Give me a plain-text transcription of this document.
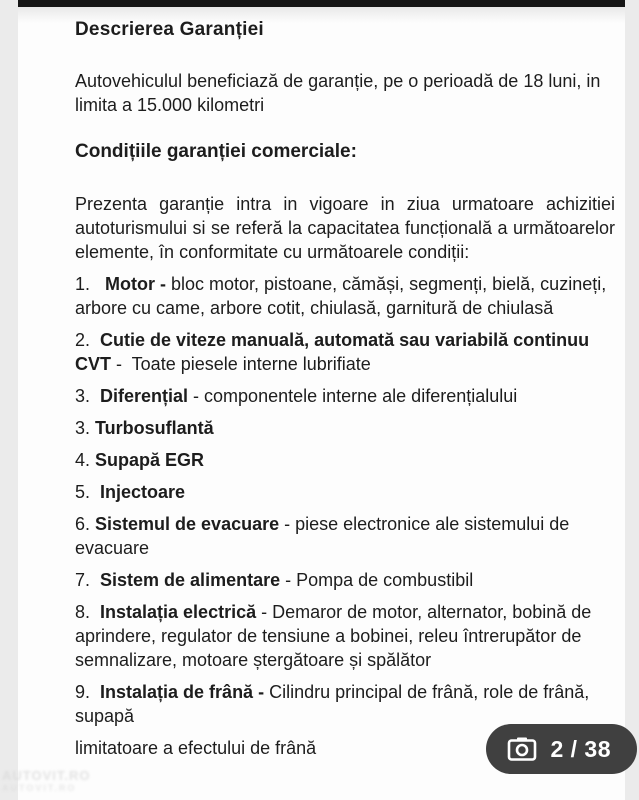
Descrierea Garanției

Autovehiculul beneficiază de garanție, pe o perioadă de 18 luni, in limita a 15.000 kilometri

Condițiile garanției comerciale:

Prezenta garanție intra in vigoare in ziua urmatoare achizitiei autoturismului si se referă la capacitatea funcțională a următoarelor elemente, în conformitate cu următoarele condiții:

1.   Motor - bloc motor, pistoane, cămăși, segmenți, bielă, cuzineți, arbore cu came, arbore cotit, chiulasă, garnitură de chiulasă

2.  Cutie de viteze manuală, automată sau variabilă continuu CVT -  Toate piesele interne lubrifiate

3.  Diferențial - componentele interne ale diferențialului

3. Turbosuflantă

4. Supapă EGR

5.  Injectoare

6. Sistemul de evacuare - piese electronice ale sistemului de evacuare

7.  Sistem de alimentare - Pompa de combustibil

8.  Instalația electrică - Demaror de motor, alternator, bobină de aprindere, regulator de tensiune a bobinei, releu întrerupător de semnalizare, motoare ștergătoare și spălător

9.  Instalația de frână - Cilindru principal de frână, role de frână, supapă

limitatoare a efectului de frână

AUTOVIT.RO
AUTOVIT.RO
2 / 38
